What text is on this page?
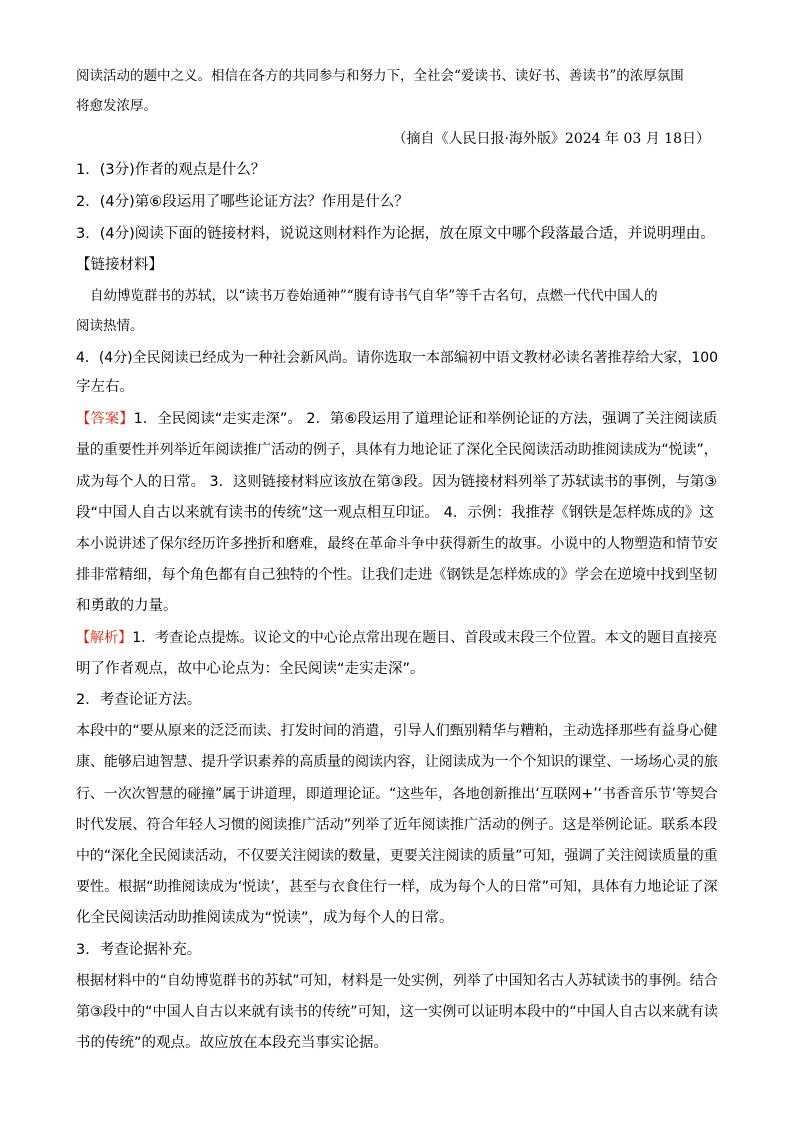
阅读活动的题中之义。相信在各方的共同参与和努力下，全社会“爱读书、读好书、善读书”的浓厚氛围
将愈发浓厚。
（摘自《人民日报·海外版》2024 年 03 月 18日）
1．(3分)作者的观点是什么？
2．(4分)第⑥段运用了哪些论证方法？作用是什么？
3．(4分)阅读下面的链接材料，说说这则材料作为论据，放在原文中哪个段落最合适，并说明理由。
【链接材料】
自幼博览群书的苏轼，以“读书万卷始通神”“腹有诗书气自华”等千古名句，点燃一代代中国人的
阅读热情。
4．(4分)全民阅读已经成为一种社会新风尚。请你选取一本部编初中语文教材必读名著推荐给大家，100
字左右。
【答案】1．全民阅读“走实走深”。 2．第⑥段运用了道理论证和举例论证的方法，强调了关注阅读质
量的重要性并列举近年阅读推广活动的例子，具体有力地论证了深化全民阅读活动助推阅读成为“悦读”，
成为每个人的日常。 3．这则链接材料应该放在第③段。因为链接材料列举了苏轼读书的事例，与第③
段“中国人自古以来就有读书的传统”这一观点相互印证。 4．示例：我推荐《钢铁是怎样炼成的》这
本小说讲述了保尔经历许多挫折和磨难，最终在革命斗争中获得新生的故事。小说中的人物塑造和情节安
排非常精细，每个角色都有自己独特的个性。让我们走进《钢铁是怎样炼成的》学会在逆境中找到坚韧
和勇敢的力量。
【解析】1．考查论点提炼。议论文的中心论点常出现在题目、首段或末段三个位置。本文的题目直接亮
明了作者观点，故中心论点为：全民阅读“走实走深”。
2．考查论证方法。
本段中的“要从原来的泛泛而读、打发时间的消遣，引导人们甄别精华与糟粕，主动选择那些有益身心健
康、能够启迪智慧、提升学识素养的高质量的阅读内容，让阅读成为一个个知识的课堂、一场场心灵的旅
行、一次次智慧的碰撞”属于讲道理，即道理论证。“这些年，各地创新推出‘互联网+’‘书香音乐节’等契合
时代发展、符合年轻人习惯的阅读推广活动”列举了近年阅读推广活动的例子。这是举例论证。联系本段
中的“深化全民阅读活动，不仅要关注阅读的数量，更要关注阅读的质量”可知，强调了关注阅读质量的重
要性。根据“助推阅读成为‘悦读’，甚至与衣食住行一样，成为每个人的日常”可知，具体有力地论证了深
化全民阅读活动助推阅读成为“悦读”，成为每个人的日常。
3．考查论据补充。
根据材料中的“自幼博览群书的苏轼”可知，材料是一处实例，列举了中国知名古人苏轼读书的事例。结合
第③段中的“中国人自古以来就有读书的传统”可知，这一实例可以证明本段中的“中国人自古以来就有读
书的传统”的观点。故应放在本段充当事实论据。
